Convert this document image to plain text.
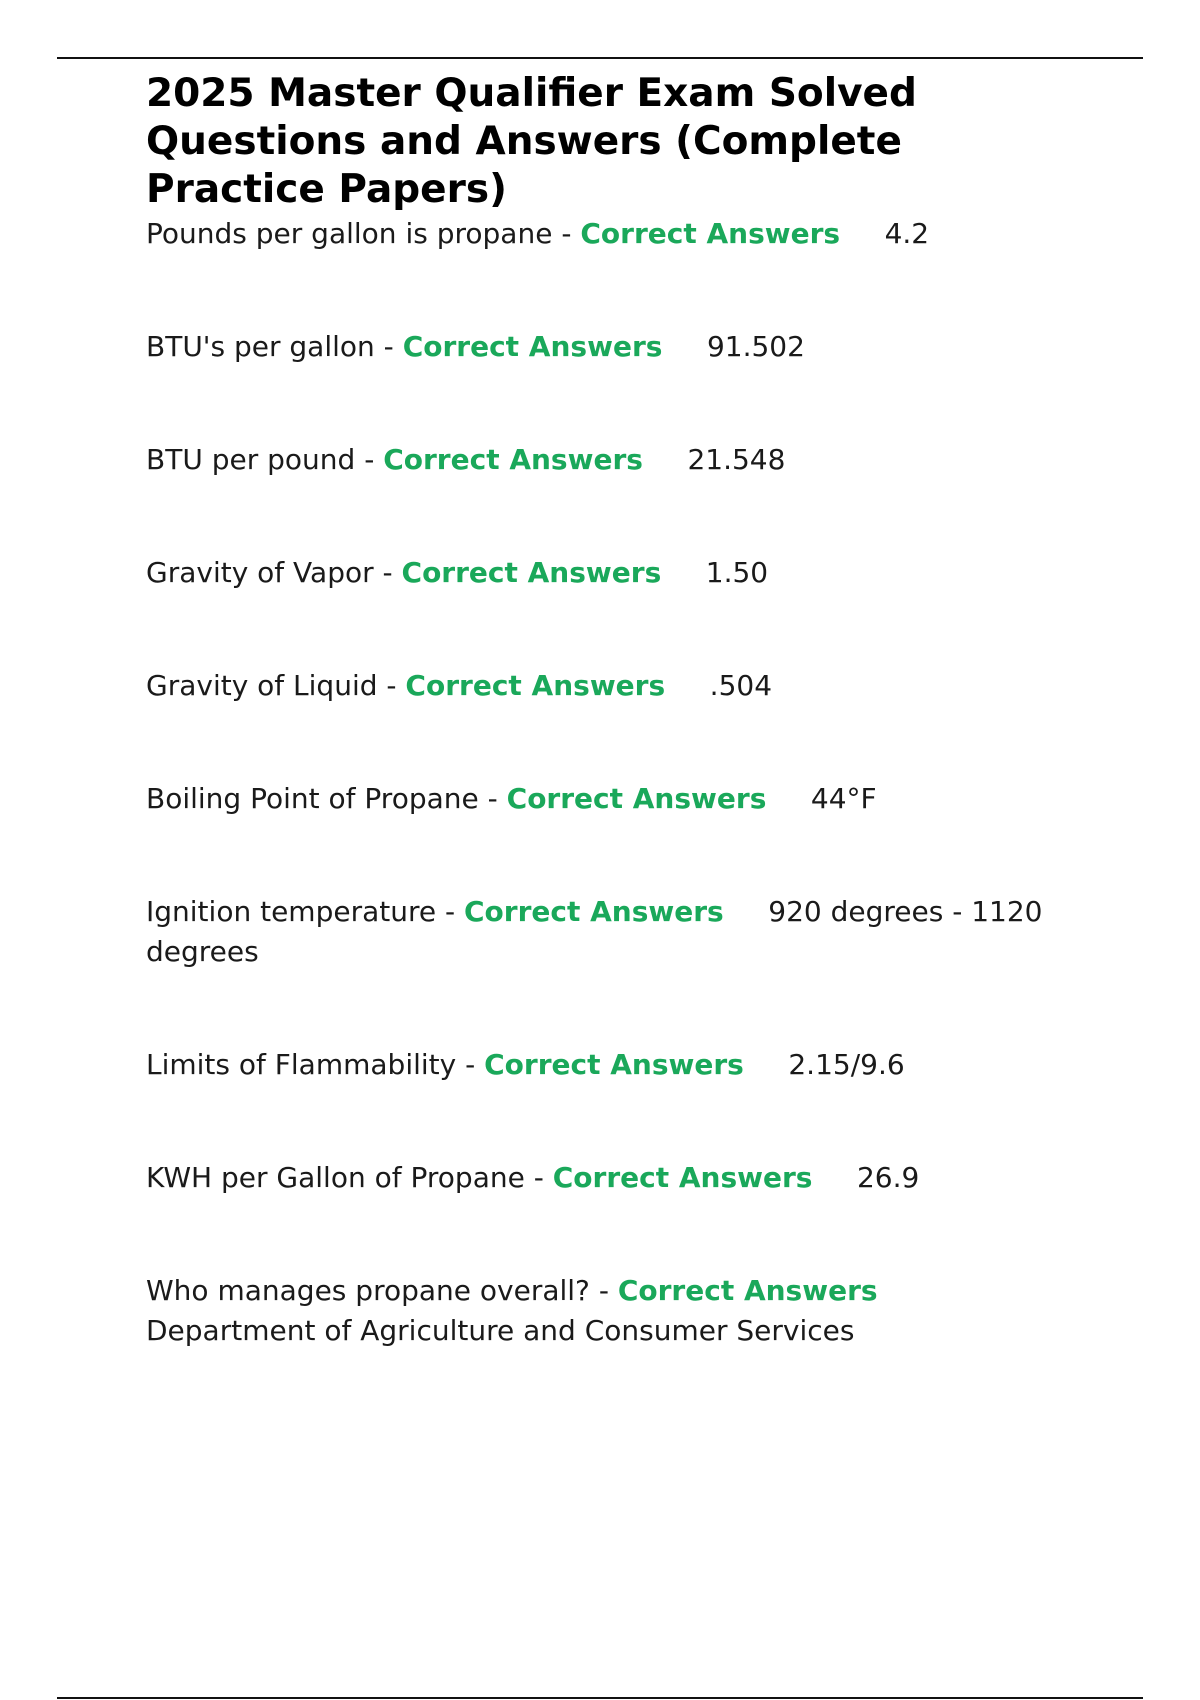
2025 Master Qualifier Exam Solved Questions and Answers (Complete Practice Papers)
Pounds per gallon is propane - Correct Answers 4.2
BTU's per gallon - Correct Answers 91.502
BTU per pound - Correct Answers 21.548
Gravity of Vapor - Correct Answers 1.50
Gravity of Liquid - Correct Answers .504
Boiling Point of Propane - Correct Answers 44°F
Ignition temperature - Correct Answers 920 degrees - 1120 degrees
Limits of Flammability - Correct Answers 2.15/9.6
KWH per Gallon of Propane - Correct Answers 26.9
Who manages propane overall? - Correct Answers     Department of Agriculture and Consumer Services
